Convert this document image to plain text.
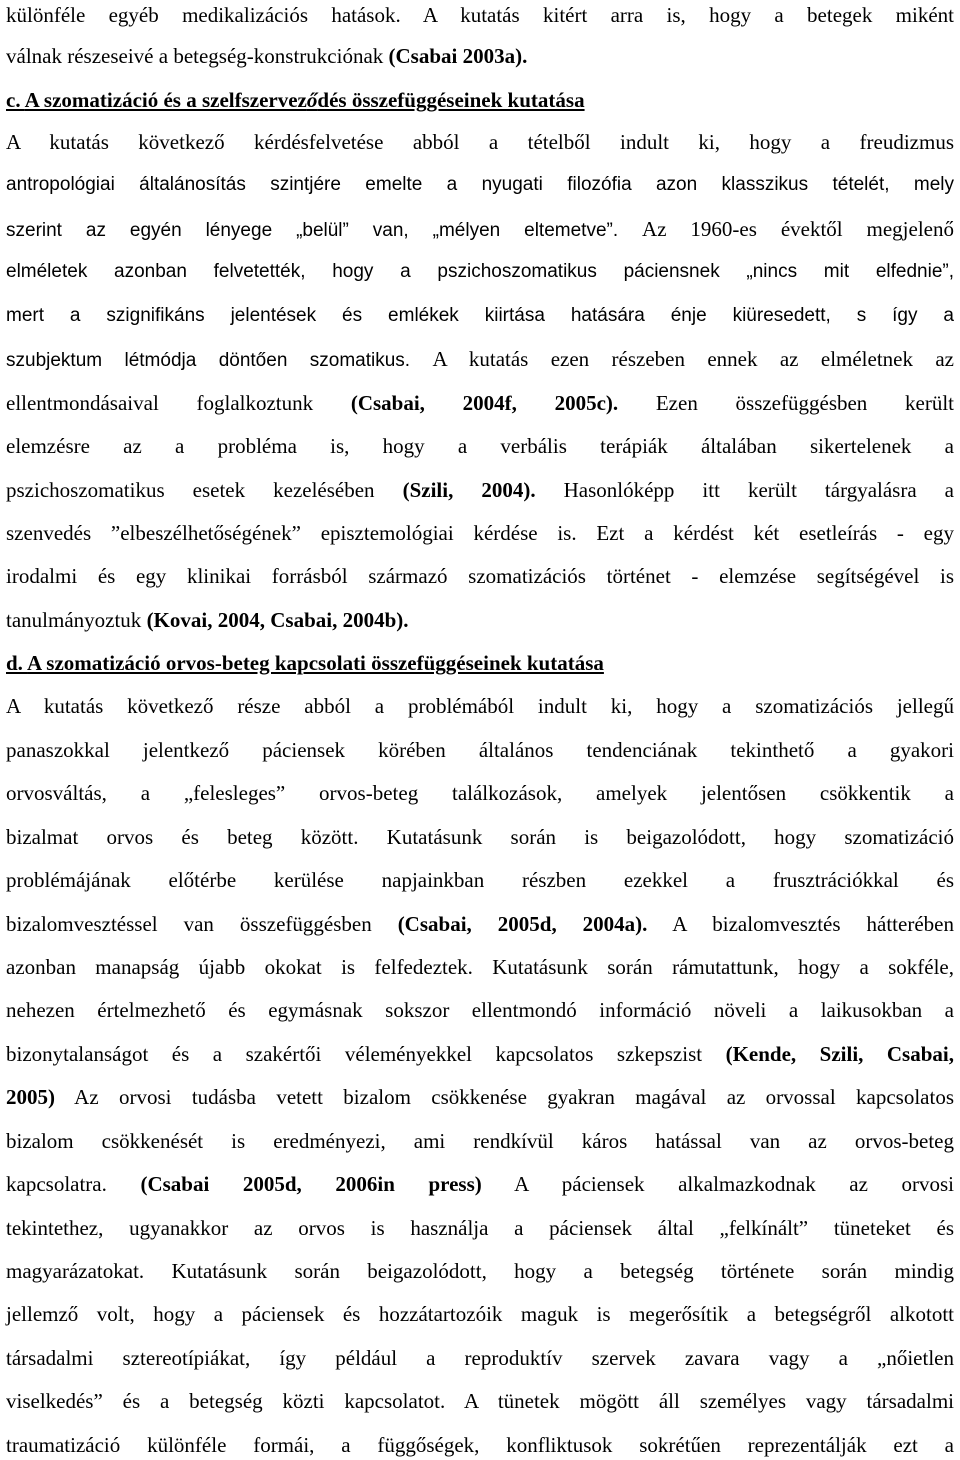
különféle egyéb medikalizációs hatások. A kutatás kitért arra is, hogy a betegek miként
válnak részeseivé a betegség-konstrukciónak (Csabai 2003a).
c. A szomatizáció és a szelfszerveződés összefüggéseinek kutatása
A kutatás következő kérdésfelvetése abból a tételből indult ki, hogy a freudizmus
antropológiai általánosítás szintjére emelte a nyugati filozófia azon klasszikus tételét, mely
szerint az egyén lényege „belül” van, „mélyen eltemetve”. Az 1960-es évektől megjelenő
elméletek azonban felvetették, hogy a pszichoszomatikus páciensnek „nincs mit elfednie”,
mert a szignifikáns jelentések és emlékek kiirtása hatására énje kiüresedett, s így a
szubjektum létmódja döntően szomatikus. A kutatás ezen részeben ennek az elméletnek az
ellentmondásaival foglalkoztunk (Csabai, 2004f, 2005c). Ezen összefüggésben került
elemzésre az a probléma is, hogy a verbális terápiák általában sikertelenek a
pszichoszomatikus esetek kezelésében (Szili, 2004). Hasonlóképp itt került tárgyalásra a
szenvedés ”elbeszélhetőségének” episztemológiai kérdése is. Ezt a kérdést két esetleírás - egy
irodalmi és egy klinikai forrásból származó szomatizációs történet - elemzése segítségével is
tanulmányoztuk (Kovai, 2004, Csabai, 2004b).
d. A szomatizáció orvos-beteg kapcsolati összefüggéseinek kutatása
A kutatás következő része abból a problémából indult ki, hogy a szomatizációs jellegű
panaszokkal jelentkező páciensek körében általános tendenciának tekinthető a gyakori
orvosváltás, a „felesleges” orvos-beteg találkozások, amelyek jelentősen csökkentik a
bizalmat orvos és beteg között. Kutatásunk során is beigazolódott, hogy szomatizáció
problémájának előtérbe kerülése napjainkban részben ezekkel a frusztrációkkal és
bizalomvesztéssel van összefüggésben (Csabai, 2005d, 2004a). A bizalomvesztés hátterében
azonban manapság újabb okokat is felfedeztek. Kutatásunk során rámutattunk, hogy a sokféle,
nehezen értelmezhető és egymásnak sokszor ellentmondó információ növeli a laikusokban a
bizonytalanságot és a szakértői véleményekkel kapcsolatos szkepszist (Kende, Szili, Csabai,
2005) Az orvosi tudásba vetett bizalom csökkenése gyakran magával az orvossal kapcsolatos
bizalom csökkenését is eredményezi, ami rendkívül káros hatással van az orvos-beteg
kapcsolatra. (Csabai 2005d, 2006in press) A páciensek alkalmazkodnak az orvosi
tekintethez, ugyanakkor az orvos is használja a páciensek által „felkínált” tüneteket és
magyarázatokat. Kutatásunk során beigazolódott, hogy a betegség története során mindig
jellemző volt, hogy a páciensek és hozzátartozóik maguk is megerősítik a betegségről alkotott
társadalmi sztereotípiákat, így például a reproduktív szervek zavara vagy a „nőietlen
viselkedés” és a betegség közti kapcsolatot. A tünetek mögött áll személyes vagy társadalmi
traumatizáció különféle formái, a függőségek, konfliktusok sokrétűen reprezentálják ezt a
